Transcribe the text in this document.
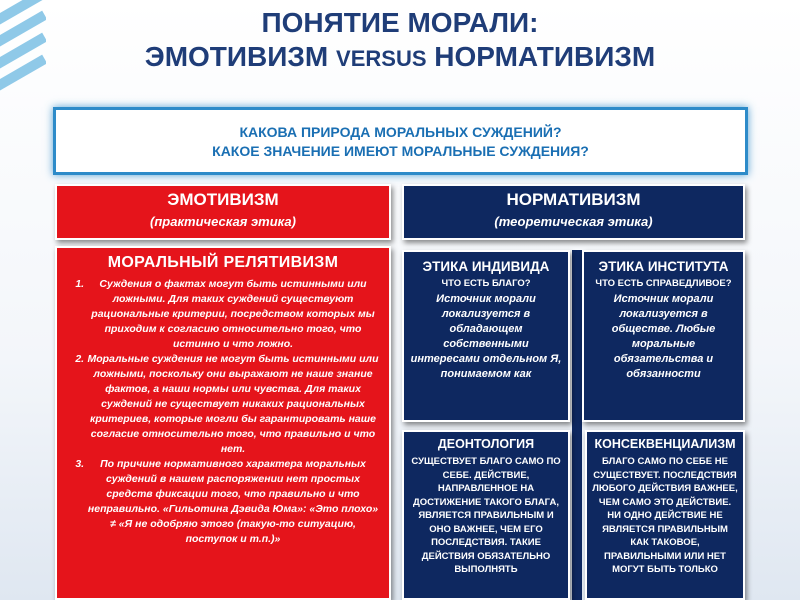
ПОНЯТИЕ МОРАЛИ:
ЭМОТИВИЗМ VERSUS НОРМАТИВИЗМ
КАКОВА ПРИРОДА МОРАЛЬНЫХ СУЖДЕНИЙ?
КАКОЕ ЗНАЧЕНИЕ ИМЕЮТ МОРАЛЬНЫЕ СУЖДЕНИЯ?
ЭМОТИВИЗМ
(практическая этика)
НОРМАТИВИЗМ
(теоретическая этика)
МОРАЛЬНЫЙ РЕЛЯТИВИЗМ
1. Суждения о фактах могут быть истинными или ложными. Для таких суждений существуют рациональные критерии, посредством которых мы приходим к согласию относительно того, что истинно и что ложно.
2. Моральные суждения не могут быть истинными или ложными, поскольку они выражают не наше знание фактов, а наши нормы или чувства. Для таких суждений не существует никаких рациональных критериев, которые могли бы гарантировать наше согласие относительно того, что правильно и что нет.
3. По причине нормативного характера моральных суждений в нашем распоряжении нет простых средств фиксации того, что правильно и что неправильно. «Гильотина Дэвида Юма»: «Это плохо» ≠ «Я не одобряю этого (такую-то ситуацию, поступок и т.п.)»
ЭТИКА ИНДИВИДА
ЧТО ЕСТЬ БЛАГО?
Источник морали локализуется в обладающем собственными интересами отдельном Я, понимаемом как
ЭТИКА ИНСТИТУТА
ЧТО ЕСТЬ СПРАВЕДЛИВОЕ?
Источник морали локализуется в обществе. Любые моральные обязательства и обязанности
ДЕОНТОЛОГИЯ
СУЩЕСТВУЕТ БЛАГО САМО ПО СЕБЕ. ДЕЙСТВИЕ, НАПРАВЛЕННОЕ НА ДОСТИЖЕНИЕ ТАКОГО БЛАГА, ЯВЛЯЕТСЯ ПРАВИЛЬНЫМ И ОНО ВАЖНЕЕ, ЧЕМ ЕГО ПОСЛЕДСТВИЯ. ТАКИЕ ДЕЙСТВИЯ ОБЯЗАТЕЛЬНО ВЫПОЛНЯТЬ
КОНСЕКВЕНЦИАЛИЗМ
БЛАГО САМО ПО СЕБЕ НЕ СУЩЕСТВУЕТ. ПОСЛЕДСТВИЯ ЛЮБОГО ДЕЙСТВИЯ ВАЖНЕЕ, ЧЕМ САМО ЭТО ДЕЙСТВИЕ. НИ ОДНО ДЕЙСТВИЕ НЕ ЯВЛЯЕТСЯ ПРАВИЛЬНЫМ КАК ТАКОВОЕ, ПРАВИЛЬНЫМИ ИЛИ НЕТ МОГУТ БЫТЬ ТОЛЬКО
